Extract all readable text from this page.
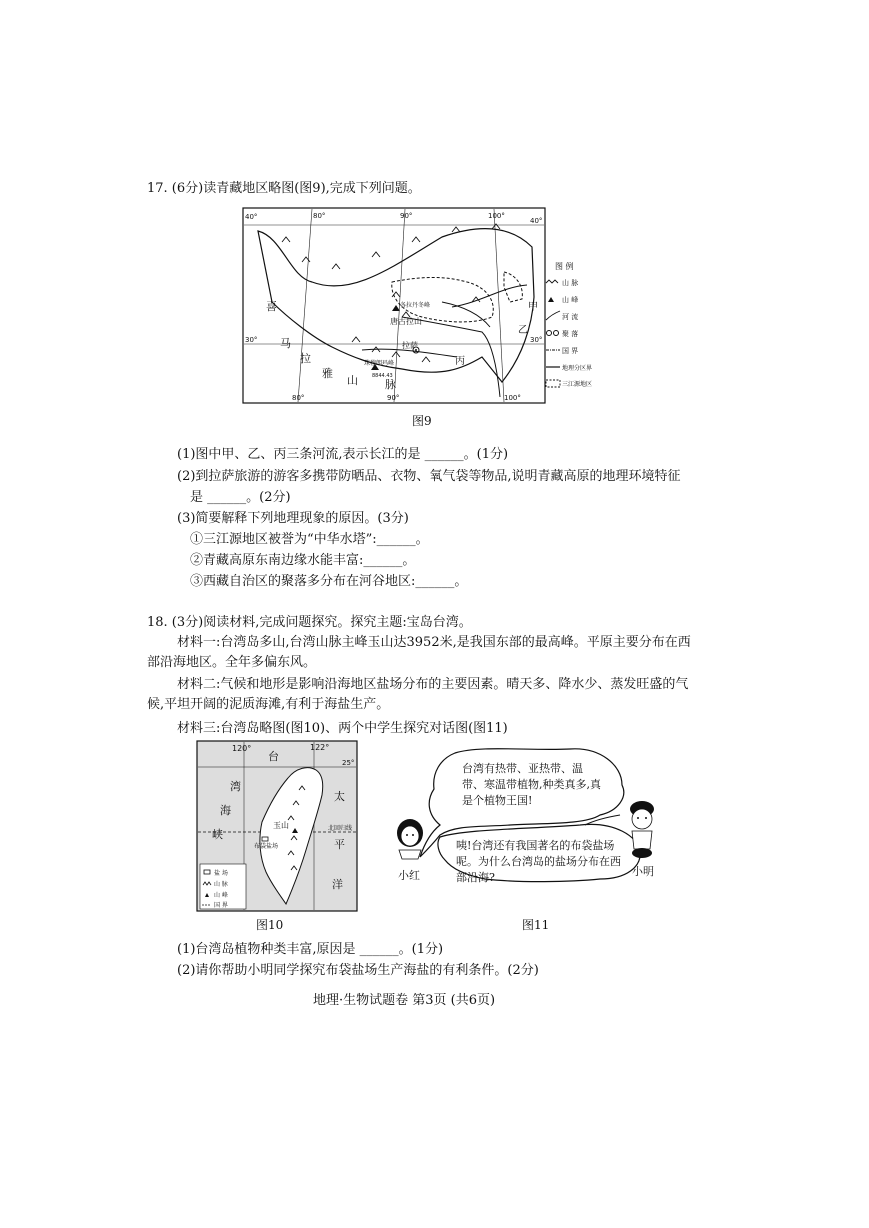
17. (6分)读青藏地区略图(图9),完成下列问题。
40°
30°
40°
30°
80°	90°	100°
80°	90°	100°
喜
马
拉
雅
山 脉
甲
乙
丙
拉萨
唐古拉山
各拉丹冬峰
珠穆朗玛峰
8844.43
图 例
山 脉
山 峰
河 流
聚 落
国 界
地理分区界
三江源地区
图9
(1)图中甲、乙、丙三条河流,表示长江的是 ______。(1分)
(2)到拉萨旅游的游客多携带防晒品、衣物、氧气袋等物品,说明青藏高原的地理环境特征
是 ______。(2分)
(3)简要解释下列地理现象的原因。(3分)
①三江源地区被誉为“中华水塔”:______。
②青藏高原东南边缘水能丰富:______。
③西藏自治区的聚落多分布在河谷地区:______。
18. (3分)阅读材料,完成问题探究。探究主题:宝岛台湾。
材料一:台湾岛多山,台湾山脉主峰玉山达3952米,是我国东部的最高峰。平原主要分布在西部沿海地区。全年多偏东风。
材料二:气候和地形是影响沿海地区盐场分布的主要因素。晴天多、降水少、蒸发旺盛的气候,平坦开阔的泥质海滩,有利于海盐生产。
材料三:台湾岛略图(图10)、两个中学生探究对话图(图11)
120°	122°
25°
台
湾
海
峡
太
平
洋
玉山
布袋盐场
北回归线
盐 场
山 脉
山 峰
国 界
图10
台湾有热带、亚热带、温带、寒温带植物,种类真多,真是个植物王国!
咦!台湾还有我国著名的布袋盐场呢。为什么台湾岛的盐场分布在西部沿海?
小红	小明
图11
(1)台湾岛植物种类丰富,原因是 ______。(1分)
(2)请你帮助小明同学探究布袋盐场生产海盐的有利条件。(2分)
地理·生物试题卷 第3页 (共6页)
